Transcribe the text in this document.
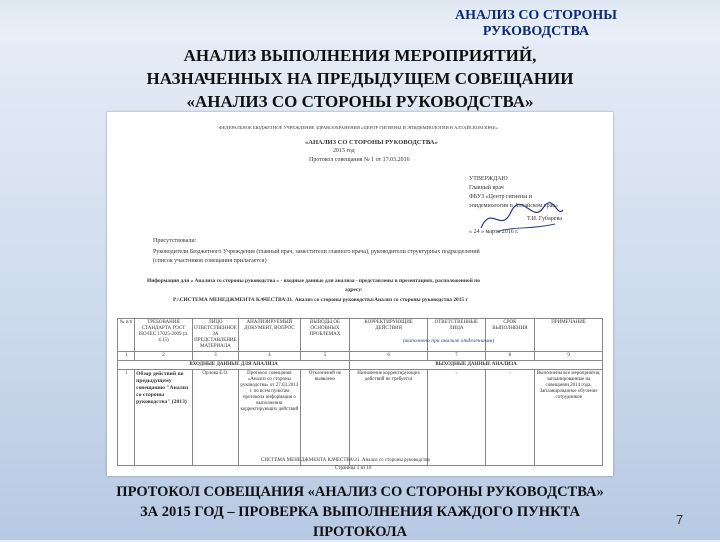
АНАЛИЗ СО СТОРОНЫ
РУКОВОДСТВА
АНАЛИЗ ВЫПОЛНЕНИЯ МЕРОПРИЯТИЙ,
НАЗНАЧЕННЫХ НА ПРЕДЫДУЩЕМ СОВЕЩАНИИ
«АНАЛИЗ СО СТОРОНЫ РУКОВОДСТВА»
ФЕДЕРАЛЬНОЕ БЮДЖЕТНОЕ УЧРЕЖДЕНИЕ ЗДРАВООХРАНЕНИЯ «ЦЕНТР ГИГИЕНЫ И ЭПИДЕМИОЛОГИИ В АЛТАЙСКОМ КРАЕ»
«АНАЛИЗ СО СТОРОНЫ РУКОВОДСТВА»
2015 год
Протокол совещания № 1 от 17.03.2016
УТВЕРЖДАЮ
Главный врач
ФБУЗ «Центр гигиены и
эпидемиологии в Алтайском крае»
Т.И. Губарева
« 24 » марта 2016 г.
Присутствовали:
Руководители Бюджетного Учреждения (главный врач, заместители главного врача), руководители структурных подразделений
(список участников совещания прилагается)
Информация для « Анализа со стороны руководства » - входные данные для анализа - представлены в презентациях, расположенной по
адресу:
P:\СИСТЕМА МЕНЕДЖМЕНТА КАЧЕСТВА\31. Анализ со стороны руководства\Анализ со стороны руководства 2015 г
№ п/п	ТРЕБОВАНИЯ СТАНДАРТА ГОСТ ISO/IEC 17025-2009 (п. 4.15)	ЛИЦО ОТВЕТСТВЕННОЕ ЗА ПРЕДСТАВЛЕНИЕ МАТЕРИАЛА	АНАЛИЗИРУЕМЫЙ ДОКУМЕНТ, ВОПРОС	ВЫВОДЫ ОБ ОСНОВНЫХ ПРОБЛЕМАХ	КОРРЕКТИРУЮЩИЕ ДЕЙСТВИЯ	ОТВЕТСТВЕННЫЕ ЛИЦА	СРОК ВЫПОЛНЕНИЯ	ПРИМЕЧАНИЕ
1	2	3	4	5	6	7	8	9
ВХОДНЫЕ ДАННЫЕ ДЛЯ АНАЛИЗА					ВЫХОДНЫЕ ДАННЫЕ АНАЛИЗА			
1	Обзор действий по предыдущему совещанию "Анализ со стороны руководства" (2013)	Орлова Е.О.	Протокол совещания «Анализ со стороны руководства» от 27.03.2013 г. по всем пунктам протокола информация о выполнении корректирующих действий	Отклонений не выявлено	Назначение корректирующих действий не требуется	-	-	Выполнены все мероприятия, запланированные на совещании 2014 года. Запланированное обучение сотрудников
(выполнено при анализе отделениями)
СИСТЕМА МЕНЕДЖМЕНТА КАЧЕСТВА\31. Анализ со стороны руководства
Страница 1 из 10
ПРОТОКОЛ СОВЕЩАНИЯ «АНАЛИЗ СО СТОРОНЫ РУКОВОДСТВА»
ЗА 2015 ГОД – ПРОВЕРКА ВЫПОЛНЕНИЯ КАЖДОГО ПУНКТА
ПРОТОКОЛА
7
